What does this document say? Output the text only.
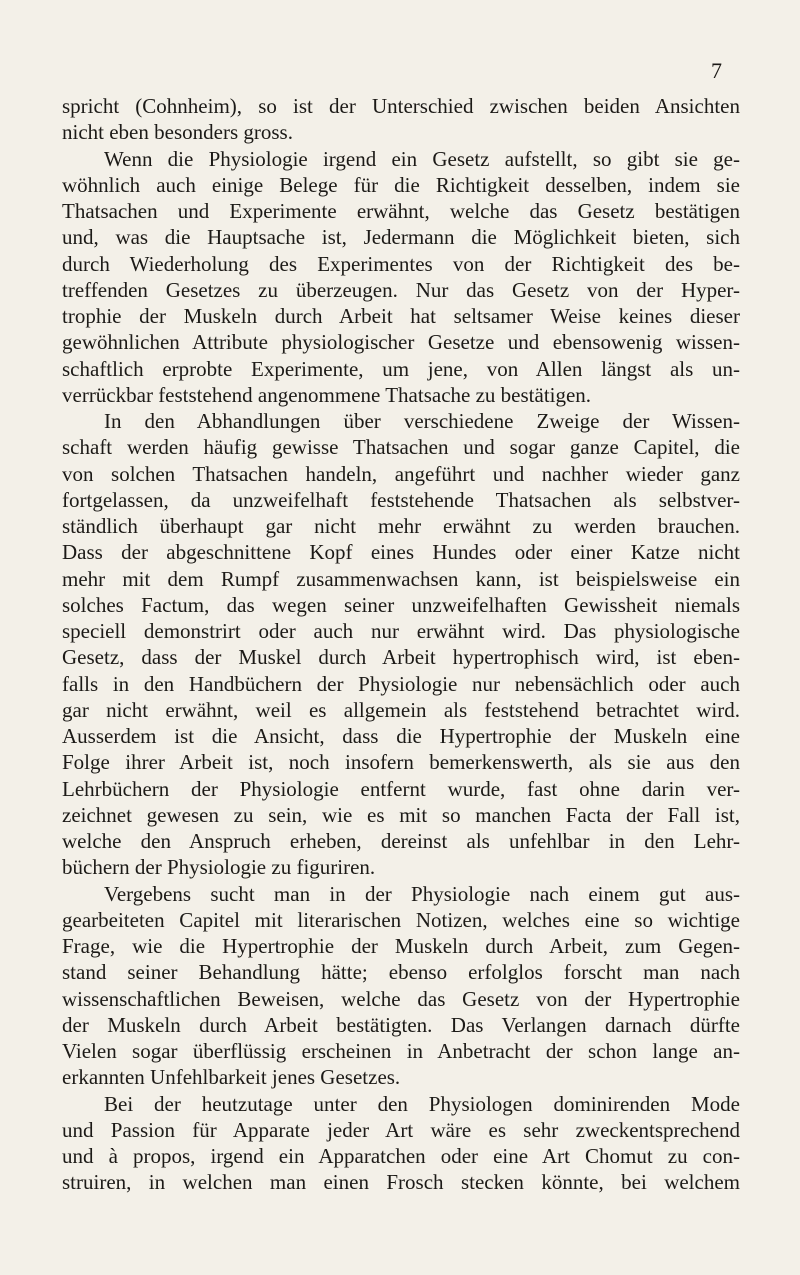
7
spricht (Cohnheim), so ist der Unterschied zwischen beiden Ansichten
nicht eben besonders gross.
Wenn die Physiologie irgend ein Gesetz aufstellt, so gibt sie ge-
wöhnlich auch einige Belege für die Richtigkeit desselben, indem sie
Thatsachen und Experimente erwähnt, welche das Gesetz bestätigen
und, was die Hauptsache ist, Jedermann die Möglichkeit bieten, sich
durch Wiederholung des Experimentes von der Richtigkeit des be-
treffenden Gesetzes zu überzeugen. Nur das Gesetz von der Hyper-
trophie der Muskeln durch Arbeit hat seltsamer Weise keines dieser
gewöhnlichen Attribute physiologischer Gesetze und ebensowenig wissen-
schaftlich erprobte Experimente, um jene, von Allen längst als un-
verrückbar feststehend angenommene Thatsache zu bestätigen.
In den Abhandlungen über verschiedene Zweige der Wissen-
schaft werden häufig gewisse Thatsachen und sogar ganze Capitel, die
von solchen Thatsachen handeln, angeführt und nachher wieder ganz
fortgelassen, da unzweifelhaft feststehende Thatsachen als selbstver-
ständlich überhaupt gar nicht mehr erwähnt zu werden brauchen.
Dass der abgeschnittene Kopf eines Hundes oder einer Katze nicht
mehr mit dem Rumpf zusammenwachsen kann, ist beispielsweise ein
solches Factum, das wegen seiner unzweifelhaften Gewissheit niemals
speciell demonstrirt oder auch nur erwähnt wird. Das physiologische
Gesetz, dass der Muskel durch Arbeit hypertrophisch wird, ist eben-
falls in den Handbüchern der Physiologie nur nebensächlich oder auch
gar nicht erwähnt, weil es allgemein als feststehend betrachtet wird.
Ausserdem ist die Ansicht, dass die Hypertrophie der Muskeln eine
Folge ihrer Arbeit ist, noch insofern bemerkenswerth, als sie aus den
Lehrbüchern der Physiologie entfernt wurde, fast ohne darin ver-
zeichnet gewesen zu sein, wie es mit so manchen Facta der Fall ist,
welche den Anspruch erheben, dereinst als unfehlbar in den Lehr-
büchern der Physiologie zu figuriren.
Vergebens sucht man in der Physiologie nach einem gut aus-
gearbeiteten Capitel mit literarischen Notizen, welches eine so wichtige
Frage, wie die Hypertrophie der Muskeln durch Arbeit, zum Gegen-
stand seiner Behandlung hätte; ebenso erfolglos forscht man nach
wissenschaftlichen Beweisen, welche das Gesetz von der Hypertrophie
der Muskeln durch Arbeit bestätigten. Das Verlangen darnach dürfte
Vielen sogar überflüssig erscheinen in Anbetracht der schon lange an-
erkannten Unfehlbarkeit jenes Gesetzes.
Bei der heutzutage unter den Physiologen dominirenden Mode
und Passion für Apparate jeder Art wäre es sehr zweckentsprechend
und à propos, irgend ein Apparatchen oder eine Art Chomut zu con-
struiren, in welchen man einen Frosch stecken könnte, bei welchem
